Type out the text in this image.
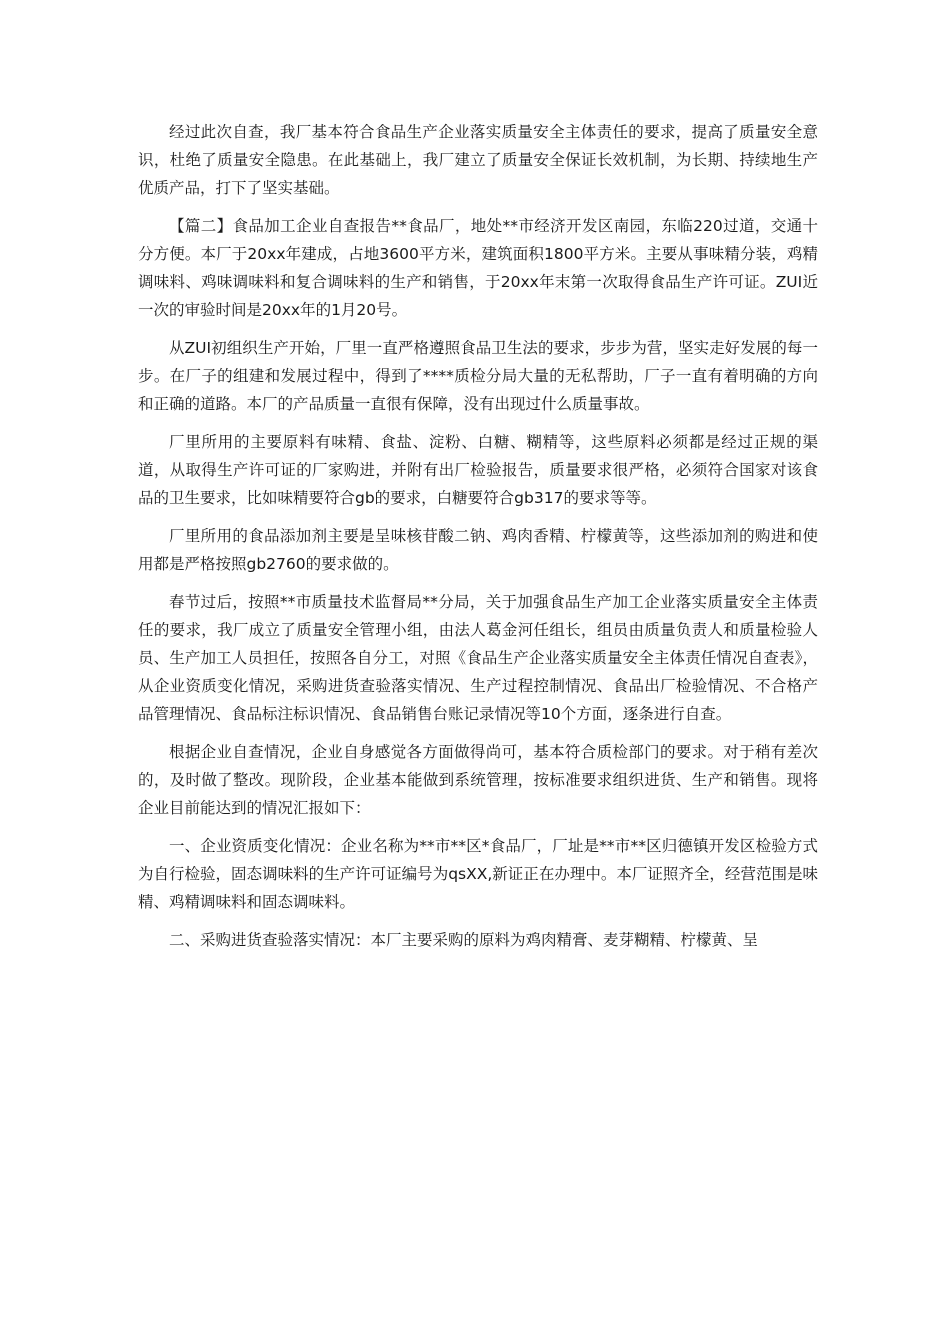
经过此次自查，我厂基本符合食品生产企业落实质量安全主体责任的要求，提高了质量安全意识，杜绝了质量安全隐患。在此基础上，我厂建立了质量安全保证长效机制，为长期、持续地生产优质产品，打下了坚实基础。

【篇二】食品加工企业自查报告**食品厂，地处**市经济开发区南园，东临220过道，交通十分方便。本厂于20xx年建成，占地3600平方米，建筑面积1800平方米。主要从事味精分装，鸡精调味料、鸡味调味料和复合调味料的生产和销售，于20xx年末第一次取得食品生产许可证。ZUI近一次的审验时间是20xx年的1月20号。

从ZUI初组织生产开始，厂里一直严格遵照食品卫生法的要求，步步为营，坚实走好发展的每一步。在厂子的组建和发展过程中，得到了****质检分局大量的无私帮助，厂子一直有着明确的方向和正确的道路。本厂的产品质量一直很有保障，没有出现过什么质量事故。

厂里所用的主要原料有味精、食盐、淀粉、白糖、糊精等，这些原料必须都是经过正规的渠道，从取得生产许可证的厂家购进，并附有出厂检验报告，质量要求很严格，必须符合国家对该食品的卫生要求，比如味精要符合gb的要求，白糖要符合gb317的要求等等。

厂里所用的食品添加剂主要是呈味核苷酸二钠、鸡肉香精、柠檬黄等，这些添加剂的购进和使用都是严格按照gb2760的要求做的。

春节过后，按照**市质量技术监督局**分局，关于加强食品生产加工企业落实质量安全主体责任的要求，我厂成立了质量安全管理小组，由法人葛金河任组长，组员由质量负责人和质量检验人员、生产加工人员担任，按照各自分工，对照《食品生产企业落实质量安全主体责任情况自查表》，从企业资质变化情况，采购进货查验落实情况、生产过程控制情况、食品出厂检验情况、不合格产品管理情况、食品标注标识情况、食品销售台账记录情况等10个方面，逐条进行自查。

根据企业自查情况，企业自身感觉各方面做得尚可，基本符合质检部门的要求。对于稍有差次的，及时做了整改。现阶段，企业基本能做到系统管理，按标准要求组织进货、生产和销售。现将企业目前能达到的情况汇报如下：

一、企业资质变化情况：企业名称为**市**区*食品厂，厂址是**市**区归德镇开发区检验方式为自行检验，固态调味料的生产许可证编号为qsXX,新证正在办理中。本厂证照齐全，经营范围是味精、鸡精调味料和固态调味料。

二、采购进货查验落实情况：本厂主要采购的原料为鸡肉精膏、麦芽糊精、柠檬黄、呈
